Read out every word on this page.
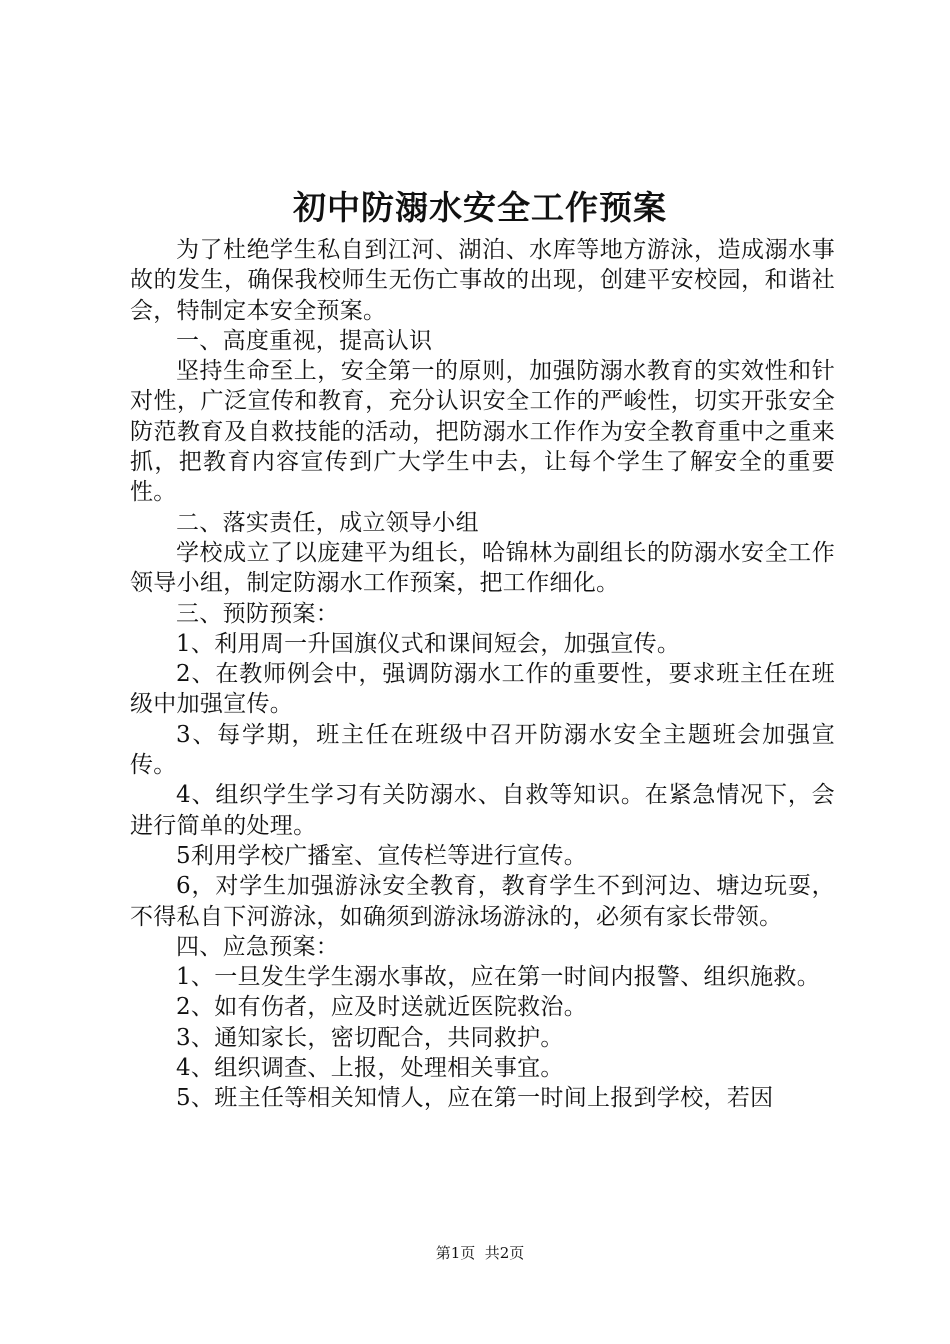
初中防溺水安全工作预案

为了杜绝学生私自到江河、湖泊、水库等地方游泳，造成溺水事故的发生，确保我校师生无伤亡事故的出现，创建平安校园，和谐社会，特制定本安全预案。

一、高度重视，提高认识

坚持生命至上，安全第一的原则，加强防溺水教育的实效性和针对性，广泛宣传和教育，充分认识安全工作的严峻性，切实开张安全防范教育及自救技能的活动，把防溺水工作作为安全教育重中之重来抓，把教育内容宣传到广大学生中去，让每个学生了解安全的重要性。

二、落实责任，成立领导小组

学校成立了以庞建平为组长，哈锦林为副组长的防溺水安全工作领导小组，制定防溺水工作预案，把工作细化。

三、预防预案：

1、利用周一升国旗仪式和课间短会，加强宣传。

2、在教师例会中，强调防溺水工作的重要性，要求班主任在班级中加强宣传。

3、每学期，班主任在班级中召开防溺水安全主题班会加强宣传。

4、组织学生学习有关防溺水、自救等知识。在紧急情况下，会进行简单的处理。

5利用学校广播室、宣传栏等进行宣传。

6，对学生加强游泳安全教育，教育学生不到河边、塘边玩耍，不得私自下河游泳，如确须到游泳场游泳的，必须有家长带领。

四、应急预案：

1、一旦发生学生溺水事故，应在第一时间内报警、组织施救。

2、如有伤者，应及时送就近医院救治。

3、通知家长，密切配合，共同救护。

4、组织调查、上报，处理相关事宜。

5、班主任等相关知情人，应在第一时间上报到学校，若因

第1页  共2页
